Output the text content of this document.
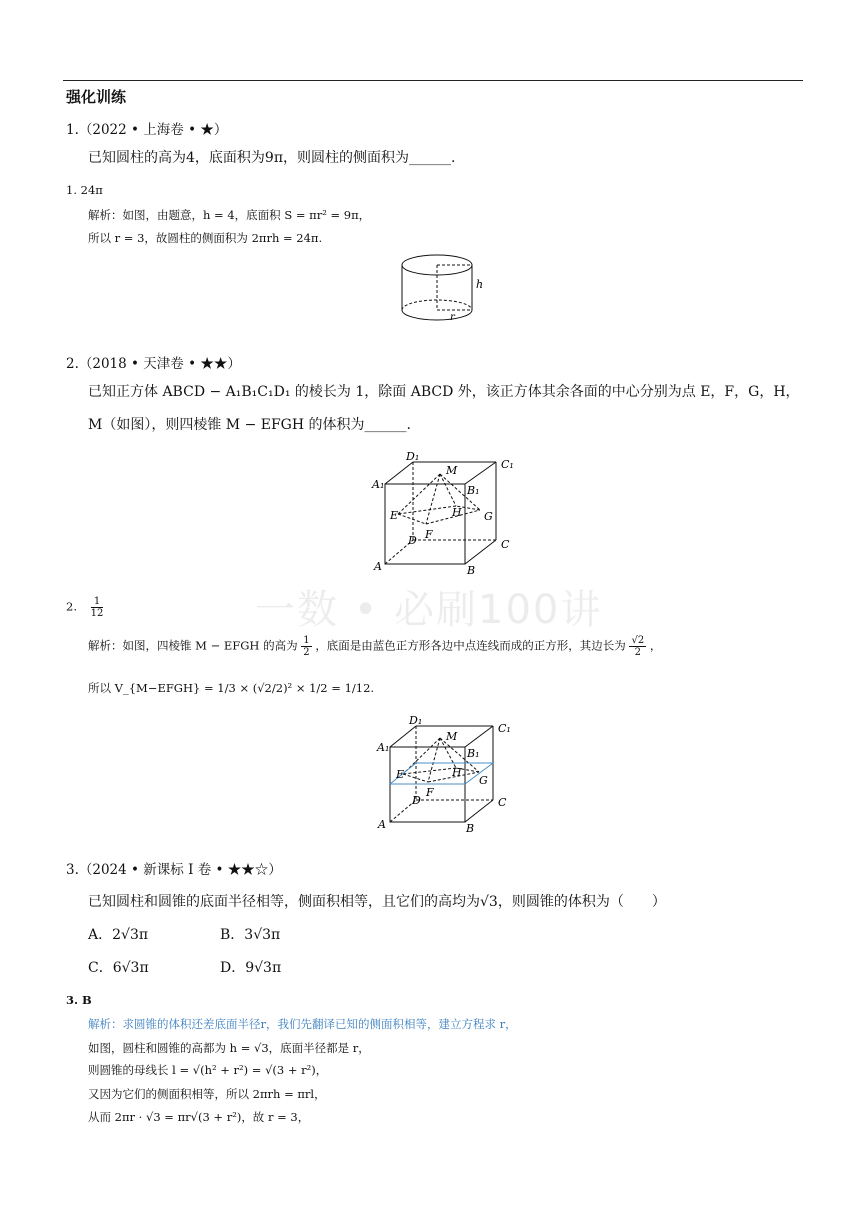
一数 • 必刷100讲
强化训练
1.（2022 • 上海卷 • ★）
已知圆柱的高为4，底面积为9π，则圆柱的侧面积为______.
1. 24π
解析：如图，由题意，h = 4，底面积 S = πr² = 9π，
所以 r = 3，故圆柱的侧面积为 2πrh = 24π.
h
r
2.（2018 • 天津卷 • ★★）
已知正方体 ABCD − A₁B₁C₁D₁ 的棱长为 1，除面 ABCD 外，该正方体其余各面的中心分别为点 E，F，G，H，
M（如图），则四棱锥 M − EFGH 的体积为______.
D₁
C₁
A₁	B₁
M
E	H G
F
D	C
A	B
2. $\frac{1}{12}$
解析：如图，四棱锥 M − EFGH 的高为 $\frac{1}{2}$ ，底面是由蓝色正方形各边中点连线而成的正方形，其边长为 $\frac{√2}{2}$ ，
所以 V_{M−EFGH} = 1/3 × (√2/2)² × 1/2 = 1/12.
D₁
C₁
A₁	B₁
M
E	H
G
F
D	C
A	B
3.（2024 • 新课标 I 卷 • ★★☆）
已知圆柱和圆锥的底面半径相等，侧面积相等，且它们的高均为√3，则圆锥的体积为（　　）
A．2√3π	B．3√3π
C．6√3π	D．9√3π
3. B
解析：求圆锥的体积还差底面半径r，我们先翻译已知的侧面积相等，建立方程求 r，
如图，圆柱和圆锥的高都为 h = √3，底面半径都是 r，
则圆锥的母线长 l = √(h² + r²) = √(3 + r²)，
又因为它们的侧面积相等，所以 2πrh = πrl，
从而 2πr · √3 = πr√(3 + r²)，故 r = 3，
